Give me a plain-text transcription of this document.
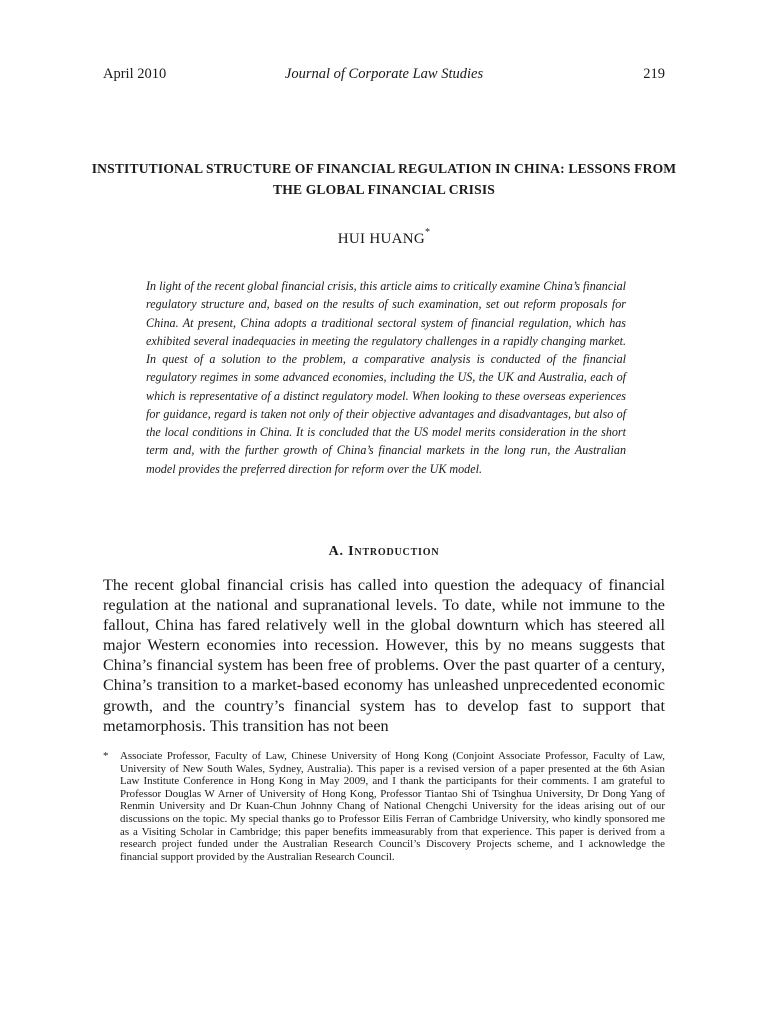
April 2010	Journal of Corporate Law Studies	219
INSTITUTIONAL STRUCTURE OF FINANCIAL REGULATION IN CHINA: LESSONS FROM THE GLOBAL FINANCIAL CRISIS
HUI HUANG*
In light of the recent global financial crisis, this article aims to critically examine China’s financial regulatory structure and, based on the results of such examination, set out reform proposals for China. At present, China adopts a traditional sectoral system of financial regulation, which has exhibited several inadequacies in meeting the regulatory challenges in a rapidly changing market. In quest of a solution to the problem, a comparative analysis is conducted of the financial regulatory regimes in some advanced economies, including the US, the UK and Australia, each of which is representative of a distinct regulatory model. When looking to these overseas experiences for guidance, regard is taken not only of their objective advantages and disadvantages, but also of the local conditions in China. It is concluded that the US model merits consideration in the short term and, with the further growth of China’s financial markets in the long run, the Australian model provides the preferred direction for reform over the UK model.
A. Introduction
The recent global financial crisis has called into question the adequacy of financial regulation at the national and supranational levels. To date, while not immune to the fallout, China has fared relatively well in the global downturn which has steered all major Western economies into recession. However, this by no means suggests that China’s financial system has been free of problems. Over the past quarter of a century, China’s transition to a market-based economy has unleashed unprecedented economic growth, and the country’s financial system has to develop fast to support that metamorphosis. This transition has not been
* Associate Professor, Faculty of Law, Chinese University of Hong Kong (Conjoint Associate Professor, Faculty of Law, University of New South Wales, Sydney, Australia). This paper is a revised version of a paper presented at the 6th Asian Law Institute Conference in Hong Kong in May 2009, and I thank the participants for their comments. I am grateful to Professor Douglas W Arner of University of Hong Kong, Professor Tiantao Shi of Tsinghua University, Dr Dong Yang of Renmin University and Dr Kuan-Chun Johnny Chang of National Chengchi University for the ideas arising out of our discussions on the topic. My special thanks go to Professor Eilis Ferran of Cambridge University, who kindly sponsored me as a Visiting Scholar in Cambridge; this paper benefits immeasurably from that experience. This paper is derived from a research project funded under the Australian Research Council’s Discovery Projects scheme, and I acknowledge the financial support provided by the Australian Research Council.
